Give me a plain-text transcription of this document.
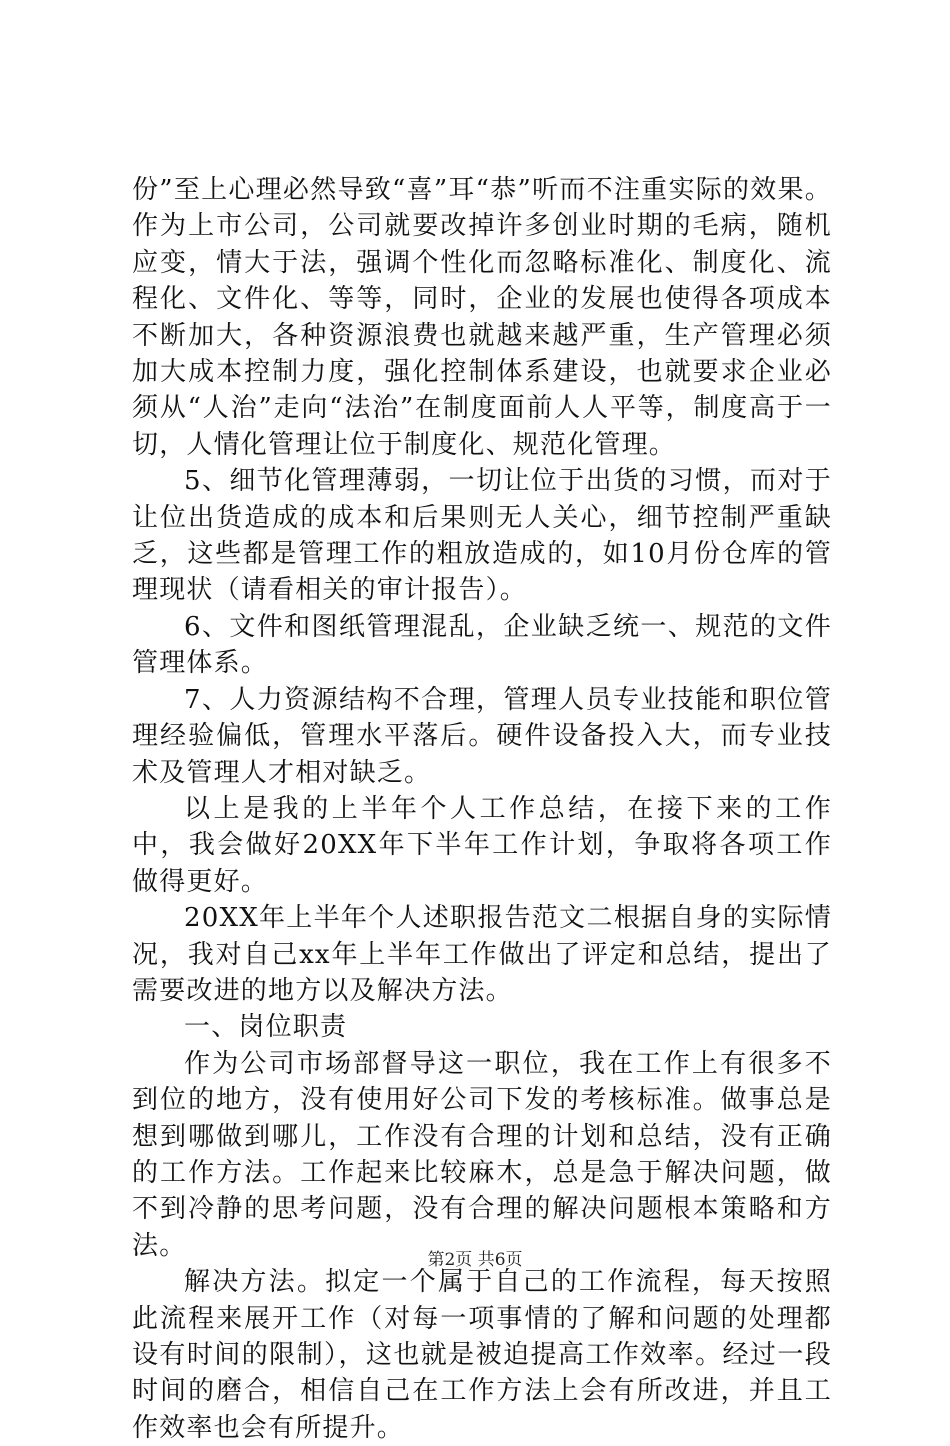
份”至上心理必然导致“喜”耳“恭”听而不注重实际的效果。作为上市公司，公司就要改掉许多创业时期的毛病，随机应变，情大于法，强调个性化而忽略标准化、制度化、流程化、文件化、等等，同时，企业的发展也使得各项成本不断加大，各种资源浪费也就越来越严重，生产管理必须加大成本控制力度，强化控制体系建设，也就要求企业必须从“人治”走向“法治”在制度面前人人平等，制度高于一切，人情化管理让位于制度化、规范化管理。

5、细节化管理薄弱，一切让位于出货的习惯，而对于让位出货造成的成本和后果则无人关心，细节控制严重缺乏，这些都是管理工作的粗放造成的，如10月份仓库的管理现状（请看相关的审计报告）。

6、文件和图纸管理混乱，企业缺乏统一、规范的文件管理体系。

7、人力资源结构不合理，管理人员专业技能和职位管理经验偏低，管理水平落后。硬件设备投入大，而专业技术及管理人才相对缺乏。

以上是我的上半年个人工作总结，在接下来的工作中，我会做好20XX年下半年工作计划，争取将各项工作做得更好。

20XX年上半年个人述职报告范文二根据自身的实际情况，我对自己xx年上半年工作做出了评定和总结，提出了需要改进的地方以及解决方法。

一、岗位职责

作为公司市场部督导这一职位，我在工作上有很多不到位的地方，没有使用好公司下发的考核标准。做事总是想到哪做到哪儿，工作没有合理的计划和总结，没有正确的工作方法。工作起来比较麻木，总是急于解决问题，做不到冷静的思考问题，没有合理的解决问题根本策略和方法。

解决方法。拟定一个属于自己的工作流程，每天按照此流程来展开工作（对每一项事情的了解和问题的处理都设有时间的限制），这也就是被迫提高工作效率。经过一段时间的磨合，相信自己在工作方法上会有所改进，并且工作效率也会有所提升。

第2页 共6页
